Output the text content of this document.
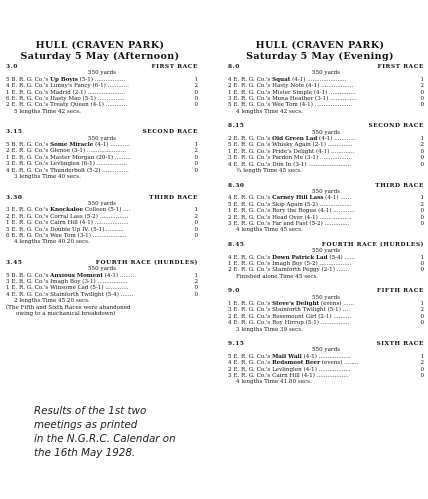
HULL (CRAVEN PARK)
Saturday 5 May (Afternoon)
HULL (CRAVEN PARK)
Saturday 5 May (Evening)
3.0	FIRST RACE
550 yards
5 B. R. G. Co.'s Up Boyis (5-1) .................	1
4 E. R. G. Co.'s Lunny's Fancy (6-1) ............	2
1 E. R. G. Co.'s Madrid (2-1) .....................	0
6 E. R. G. Co.'s Hasty Mao (5-1) ...............	0
2 E. R. G. Co.'s Treaty Queen (4-1) ............	0
5 lengths Time 42 secs.
3.15	SECOND RACE
550 yards
5 B. R. G. Co.'s Some Miracle (4-1) ...........	1
2 E. R. G. Co.'s Glenoe (3-1) ......................	2
1 E. R. G. Co.'s Master Morgan (20-1) .........	0
3 E. R. G. Co.'s Levlinglen (6-1) .................	0
4 E. R. G. Co.'s Thunderbolt (5-2) ...............	0
3 lengths Time 40 secs.
3.30	THIRD RACE
550 yards
3 E. R. G. Co.'s Knockaloe Colleen (5-1) ....	1
2 E. R. G. Co.'s Corral Lass (5-2) ................	2
1 E. R. G. Co.'s Cairn Hill (4-1) ...................	0
5 E. R. G. Co.'s Double Up IV. (5-1)...........	0
6 E. R. G. Co.'s Wee Tom (3-1) ...................	0
4 lengths Time 40.20 secs.
3.45	FOURTH RACE (HURDLES)
550 yards
5 B. R. G. Co.'s Anxious Moment (4-1) .........	1
3 E. R. G. Co.'s Imagh Boy (3-1) .................	2
1 E. R. G. Co.'s Winsome Lad (5-1) .............	0
4 E. R. G. Co.'s Stainforth Twilight (5-4) .......	0
2 lengths Time 45.20 secs.
(The Fifth and Sixth Races were abandoned
owing to a mechanical breakdown)
8.0	FIRST RACE
550 yards
4 E. R. G. Co.'s Squat (4-1) ......................	1
2 E. R. G. Co.'s Hasty Note (4-1) ..................	2
1 E. R. G. Co.'s Mister Simple (4-1) ...............	0
3 E. R. G. Co.'s Mona Heather (3-1) ...............	0
5 E. R. G. Co.'s Wee Tom (4-1) .....................	0
4 lengths Time 42 secs.
8.15	SECOND RACE
550 yards
2 E. R. G. Co.'s Old Green Lad (4-1) ............	1
5 E. R. G. Co.'s Whisky Again (2-1) ..............	2
1 E. R. G. Co.'s Pride's Delight (4-1) .............	0
3 E. R. G. Co.'s Pardon Me (3-1) ..................	0
4 E. R. G. Co.'s Dun In (3-1) ........................	0
¼ length Time 45 secs.
8.30	THIRD RACE
550 yards
4 E. R. G. Co.'s Carney Hill Lass (4-1) ......	1
5 E. R. G. Co.'s Skip Again (5-2) ..................	2
1 E. R. G. Co.'s Rory the Rogue (4-1) ............	0
2 E. R. G. Co.'s Head Over (4-1) ..................	0
3 E. R. G. Co.'s Far and Fast (5-2) ..............	0
4 lengths Time 45 secs.
8.45	FOURTH RACE (HURDLES)
550 yards
4 E. R. G. Co.'s Down Patrick Lad (5-4) ......	1
1 E. R. G. Co.'s Imagh Boy (5-2) ..................	0
2 E. R. G. Co.'s Stainforth Peggy (2-1) .......	0
Finished alone Time 45 secs.
9.0	FIFTH RACE
550 yards
1 E. R. G. Co.'s Steve's Delight (evens) ......	1
3 E. R. G. Co.'s Stainforth Twilight (5-1) ....	2
2 E. R. G. Co.'s Rosemount Girl (2-1) ..........	0
4 E. R. G. Co.'s Roy Hirrup (5-1) ................	0
3 lengths Time 39 secs.
9.15	SIXTH RACE
550 yards
5 E. R. G. Co.'s Mall Wall (4-1) ..................	1
4 E. R. G. Co.'s Redsmoot Beer (evens) ........	2
2 E. R. G. Co.'s Levlinglen (4-1) ..................	0
3 E. R. G. Co.'s Cairn Hill (4-1) ..................	0
4 lengths Time 41.80 secs.
Results of the 1st two
meetings as printed
in the N.G.R.C. Calendar on
the 16th May 1928.
